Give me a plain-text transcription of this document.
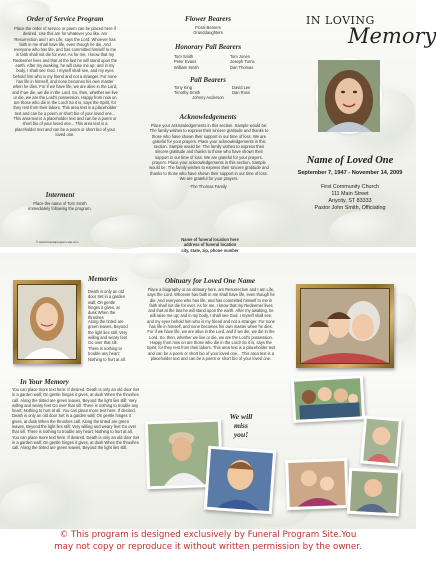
Order of Service Program
Place the order of service or poem can be placed here if desired. Use this are for whatever you like. am Resurrection and I am Life, says the Lord. Whoever has faith in me shall have life, even though he die. And everyone who has life, and has committed himself to me in faith shall not die for ever. As for me, I know that my Redeemer lives and that at the last he will stand upon the earth. After my awaking, he will raise me up; and in my body, I shall see God. I myself shall see, and my eyes behold him who is my friend and not a stranger. For none has life in himself, and none becomes his own master when he dies. For if we have life, we are alive in the Lord, and if we die, we die in the Lord. So, then, whether we live or die, we are the Lord's possession. Happy from now on are those who die in the Lord! So it is, says the Spirit, for they rest from their labors. This area text is a placeholder text and can be a poem or short bio of your loved one... This area text is a placeholder text and can be a poem or short bio of your loved one... This area text is a placeholder text and can be a poem or short bio of your loved one.
Interment
Place the name of Tom Smith immediately following the program.
© www.funeralprogram-site.com
Flower Bearers
Floral Bearers
Granddaughters
Honorary Pall Bearers
Tom Smith
Peter Evans
William Smith
Tom Jones
Joseph Turns
Dan Thomas
Pall Bearers
Tony King
Timothy Smith
David Lee
Dan Ross
Johnny Anderson
Acknowledgements
Place your acknowledgements in this section. Sample would be: The family wishes to express their sincere gratitude and thanks to those who have shown their support in our time of loss. We are grateful for your prayers. Place your acknowledgements in this section. Sample would be: The family wishes to express their sincere gratitude and thanks to those who have shown their support in our time of loss. We are grateful for your prayers. prayers. Place your acknowledgements in this section. Sample would be: The family wishes to express their sincere gratitude and thanks to those who have shown their support in our time of loss. We are grateful for your prayers.
-The Thomas Family
Name of funeral location here
address of funeral location
city, state, zip, phone number
IN LOVING
Memory
Name of Loved One
September 7, 1947 - November 14, 2009
First Community Church
111 Main Street
Anycity, ST 83333
Pastor John Smith, Officiating
Memories
Death is only an old door Set in a garden wall; On gentle hinges it gives, at dusk When the thrushes
Along the tinted are green leaves, Beyond the light lies still; Very willing and weary feet Go over that sill.
There is nothing to trouble any heart; Nothing to hurt at all.
In Your Memory
You can place more text here. If desired. Death is only an old door Set in a garden wall; On gentle hinges it gives, at dusk When the thrushes call. Along the tinted are green leaves, Beyond the light lies still; Very willing and weary feet Go over that sill. There is nothing to trouble any heart; Nothing to hurt at all. You can place more text here. If desired. Death is only an old door Set in a garden wall; On gentle hinges it gives, at dusk When the thrushes call. Along the tinted are green leaves, Beyond the light lies still; Very willing and weary feet Go over that sill. There is nothing to trouble any heart; Nothing to hurt at all. You can place more text here. If desired. Death is only an old door Set in a garden wall; On gentle hinges it gives, at dusk When the thrushes call. Along the tinted are green leaves, Beyond the light lies still.
Obituary for Loved One Name
Place a biography or an obituary here. am Resurrection and I am Life, says the Lord. Whoever has faith in me shall have life, even though he die. And everyone who has life, and has committed himself to me in faith shall not die for ever. As for me, I know that my Redeemer lives and that at the last he will stand upon the earth. After my awaking, he will raise me up; and in my body, I shall see God. I myself shall see, and my eyes behold him who is my friend and not a stranger. For none has life in himself, and none becomes his own master when he dies. For if we have life, we are alive in the Lord, and if we die, we die in the Lord. So, then, whether we live or die, we are the Lord's possession. Happy from now on are those who die in the Lord! So it is, says the Spirit, for they rest from their labors. This area text is a placeholder text and can be a poem or short bio of your loved one... This area text is a placeholder text and can be a poem or short bio of your loved one.
We will
miss you!
© This program is designed exclusively by Funeral Program Site.You
may not copy or reproduce it without written permission by the owner.
